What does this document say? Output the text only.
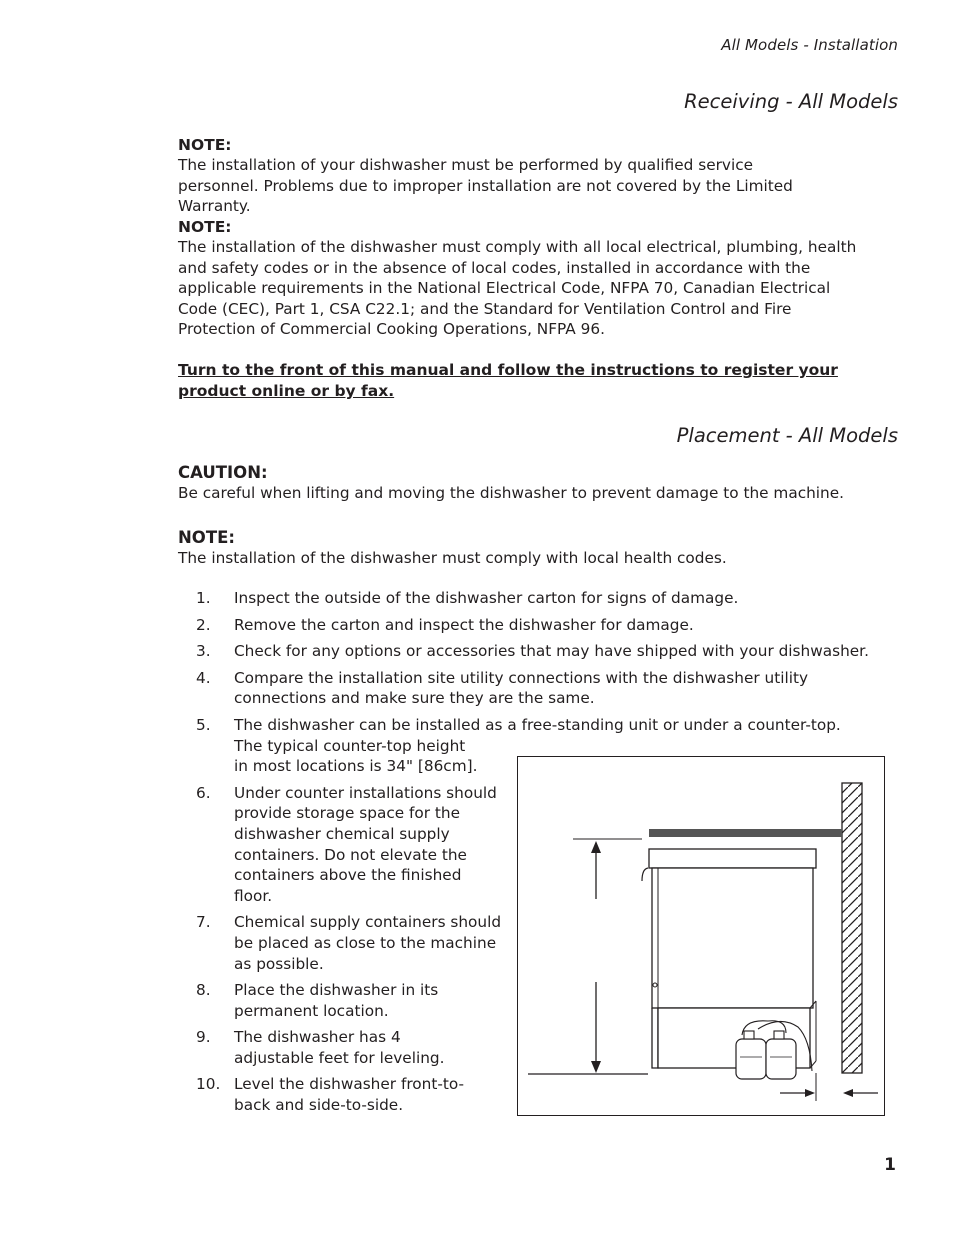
All Models - Installation
Receiving - All Models
NOTE:

The installation of your dishwasher must be performed by qualified service personnel. Problems due to improper installation are not covered by the Limited Warranty.

NOTE:

The installation of the dishwasher must comply with all local electrical, plumbing, health and safety codes or in the absence of local codes, installed in accordance with the applicable requirements in the National Electrical Code, NFPA 70, Canadian Electrical Code (CEC), Part 1, CSA C22.1; and the Standard for Ventilation Control and Fire Protection of Commercial Cooking Operations, NFPA 96.

Turn to the front of this manual and follow the instructions to register your product online or by fax.
Placement - All Models
CAUTION:

Be careful when lifting and moving the dishwasher to prevent damage to the machine.

NOTE:

The installation of the dishwasher must comply with local health codes.

1. Inspect the outside of the dishwasher carton for signs of damage.
2. Remove the carton and inspect the dishwasher for damage.
3. Check for any options or accessories that may have shipped with your dishwasher.
4. Compare the installation site utility connections with the dishwasher utility connections and make sure they are the same.
5. The dishwasher can be installed as a free-standing unit or under a counter-top.
The typical counter-top height in most locations is 34" [86cm].
6. Under counter installations should provide storage space for the dishwasher chemical supply containers. Do not elevate the containers above the finished floor.
7. Chemical supply containers should be placed as close to the machine as possible.
8. Place the dishwasher in its permanent location.
9. The dishwasher has 4 adjustable feet for leveling.
10. Level the dishwasher front-to-back and side-to-side.
1
